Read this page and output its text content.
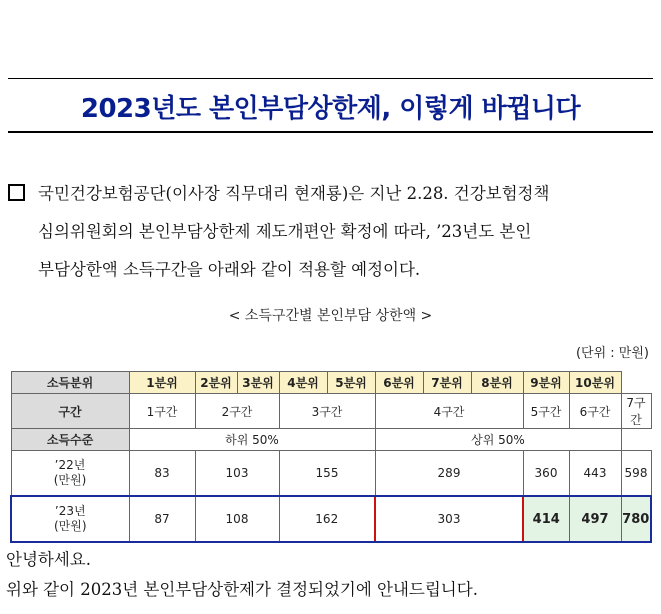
2023년도 본인부담상한제, 이렇게 바뀝니다
국민건강보험공단(이사장 직무대리 현재룡)은 지난 2.28. 건강보험정책
심의위원회의 본인부담상한제 제도개편안 확정에 따라, ’23년도 본인
부담상한액 소득구간을 아래와 같이 적용할 예정이다.
< 소득구간별 본인부담 상한액 >
(단위 : 만원)
소득분위	1분위	2분위	3분위	4분위	5분위	6분위	7분위	8분위	9분위	10분위	
구간	1구간	2구간		3구간		4구간			5구간	6구간	7구간
소득수준	하위 50%					상위 50%					

’22년
(만원)	83	103		155		289			360	443	598

’23년
(만원)	87	108		162		303			414	497	780
안녕하세요.
위와 같이 2023년 본인부담상한제가 결정되었기에 안내드립니다.
